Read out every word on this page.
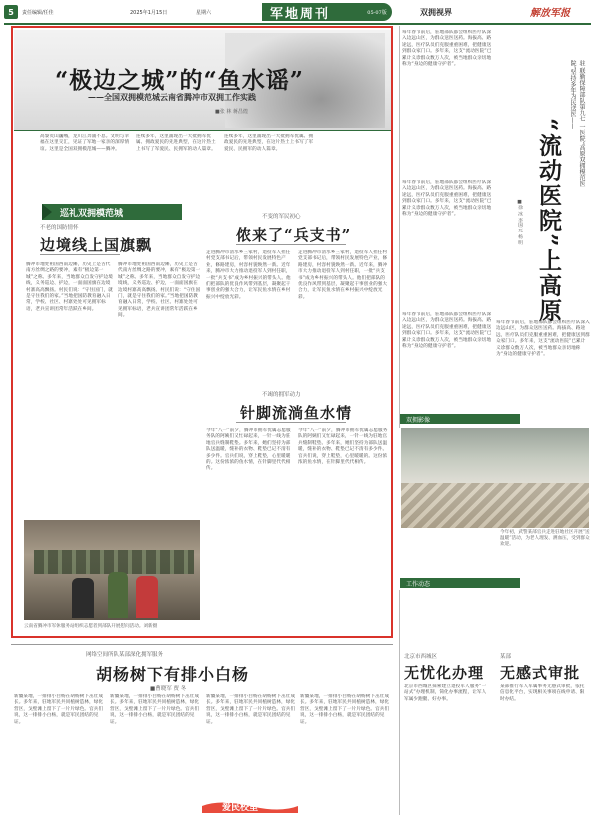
5	责任编辑/任佳	2025年1月15日	星期六	军地周刊	05-07版	双拥视界	解放军报
“极边之城”的“鱼水谣”
——全国双拥模范城云南省腾冲市双拥工作实践
■张 林 蒋昌煌
高黎贡山巍峨，龙川江奔涌不息。文明与幸福在这里交汇，见证了军地一家亲的深厚情谊。这里是全国双拥模范城——腾冲。
连续多年，这里涌现出一大批拥军优属、拥政爱民的先进典型，在这片热土上书写了军爱民、民拥军的动人篇章。
连续多年，这里涌现出一大批拥军优属、拥政爱民的先进典型，在这片热土上书写了军爱民、民拥军的动人篇章。
巡礼双拥模范城
不老的国防情怀
边境线上国旗飘
腾冲市地处祖国西南边陲，历史上是古代南方丝绸之路的要冲，素有“极边第一城”之称。多年来，当地群众自发守护边境线，义务巡边、护边，一面面国旗在边境村寨高高飘扬。村民们说：“守住国门，就是守住我们的家。”当地把国防教育融入日常，学校、社区、村寨处处可见拥军标语，老兵宣讲团常年活跃在乡间。
腾冲市地处祖国西南边陲，历史上是古代南方丝绸之路的要冲，素有“极边第一城”之称。多年来，当地群众自发守护边境线，义务巡边、护边，一面面国旗在边境村寨高高飘扬。村民们说：“守住国门，就是守住我们的家。”当地把国防教育融入日常，学校、社区、村寨处处可见拥军标语，老兵宣讲团常年活跃在乡间。
不变的军民初心
侬来了“兵支书”
走进腾冲市清水乡三家村，退役军人担任村党支部书记后，带领村民发展特色产业，修路建房，村容村貌焕然一新。近年来，腾冲市大力推动退役军人到村任职，一批“兵支书”成为乡村振兴的带头人。他们把部队的优良作风带到基层，凝聚起干事创业的强大合力，让军民鱼水情在乡村振兴中绽放光彩。
走进腾冲市清水乡三家村，退役军人担任村党支部书记后，带领村民发展特色产业，修路建房，村容村貌焕然一新。近年来，腾冲市大力推动退役军人到村任职，一批“兵支书”成为乡村振兴的带头人。他们把部队的优良作风带到基层，凝聚起干事创业的强大合力，让军民鱼水情在乡村振兴中绽放光彩。
不竭的拥军动力
针脚流淌鱼水情
今年“八一”前夕，腾冲市拥军优属志愿服务队的阿姨们又忙碌起来，一针一线为驻地官兵缝制鞋垫。多年来，她们坚持为部队送温暖，缝补的衣物、鞋垫已记不清有多少件。官兵们说，穿上鞋垫，心里暖暖的。这份浓浓的鱼水情，在针脚里代代相传。
今年“八一”前夕，腾冲市拥军优属志愿服务队的阿姨们又忙碌起来，一针一线为驻地官兵缝制鞋垫。多年来，她们坚持为部队送温暖，缝补的衣物、鞋垫已记不清有多少件。官兵们说，穿上鞋垫，心里暖暖的。这份浓浓的鱼水情，在针脚里代代相传。
云南省腾冲市军休服务站组织志愿者到部队开展慰问活动。刘新摄
每年春节前后，驻地部队都会组织医疗队深入边远山区，为群众送医送药。海拔高、路途远，医疗队员们克服重重困难，把健康送到群众家门口。多年来，这支“流动医院”已累计义诊群众数万人次，被当地群众亲切地称为“身边的健康守护者”。
每年春节前后，驻地部队都会组织医疗队深入边远山区，为群众送医送药。海拔高、路途远，医疗队员们克服重重困难，把健康送到群众家门口。多年来，这支“流动医院”已累计义诊群众数万人次，被当地群众亲切地称为“身边的健康守护者”。
每年春节前后，驻地部队都会组织医疗队深入边远山区，为群众送医送药。海拔高、路途远，医疗队员们克服重重困难，把健康送到群众家门口。多年来，这支“流动医院”已累计义诊群众数万人次，被当地群众亲切地称为“身边的健康守护者”。
驻 联勤保障部队第九七 一医院“高原双拥模范医院”坚持多年为民送医——
“流动医院”上高原
■徐 冰 李国元 杨 明
每年春节前后，驻地部队都会组织医疗队深入边远山区，为群众送医送药。海拔高、路途远，医疗队员们克服重重困难，把健康送到群众家门口。多年来，这支“流动医院”已累计义诊群众数万人次，被当地群众亲切地称为“身边的健康守护者”。
双拥影像
今年初，武警某部官兵走进驻地社区开展“送温暖”活动，为老人理发、测血压，受到群众欢迎。
工作动态
网络空间所队某部深化拥军服务
胡杨树下有排小白杨
■曹晓军 贾 冬
新疆某地，一排排小白杨在胡杨树下茁壮成长。多年来，驻地军民共同植树造林，绿化营区，戈壁滩上留下了一片片绿色。官兵们说，这一排排小白杨，就是军民团结的见证。
新疆某地，一排排小白杨在胡杨树下茁壮成长。多年来，驻地军民共同植树造林，绿化营区，戈壁滩上留下了一片片绿色。官兵们说，这一排排小白杨，就是军民团结的见证。
新疆某地，一排排小白杨在胡杨树下茁壮成长。多年来，驻地军民共同植树造林，绿化营区，戈壁滩上留下了一片片绿色。官兵们说，这一排排小白杨，就是军民团结的见证。
新疆某地，一排排小白杨在胡杨树下茁壮成长。多年来，驻地军民共同植树造林，绿化营区，戈壁滩上留下了一片片绿色。官兵们说，这一排排小白杨，就是军民团结的见证。
北京市西城区
无忧化办理
北京市西城区探索建立退役军人服务“一站式”办理机制，简化办事流程，让军人军属少跑腿、好办事。
某部
无感式审批
某部推行军人军属事务无感式审批，依托信息化平台，实现相关事项在线申请、限时办结。
爱民校里
